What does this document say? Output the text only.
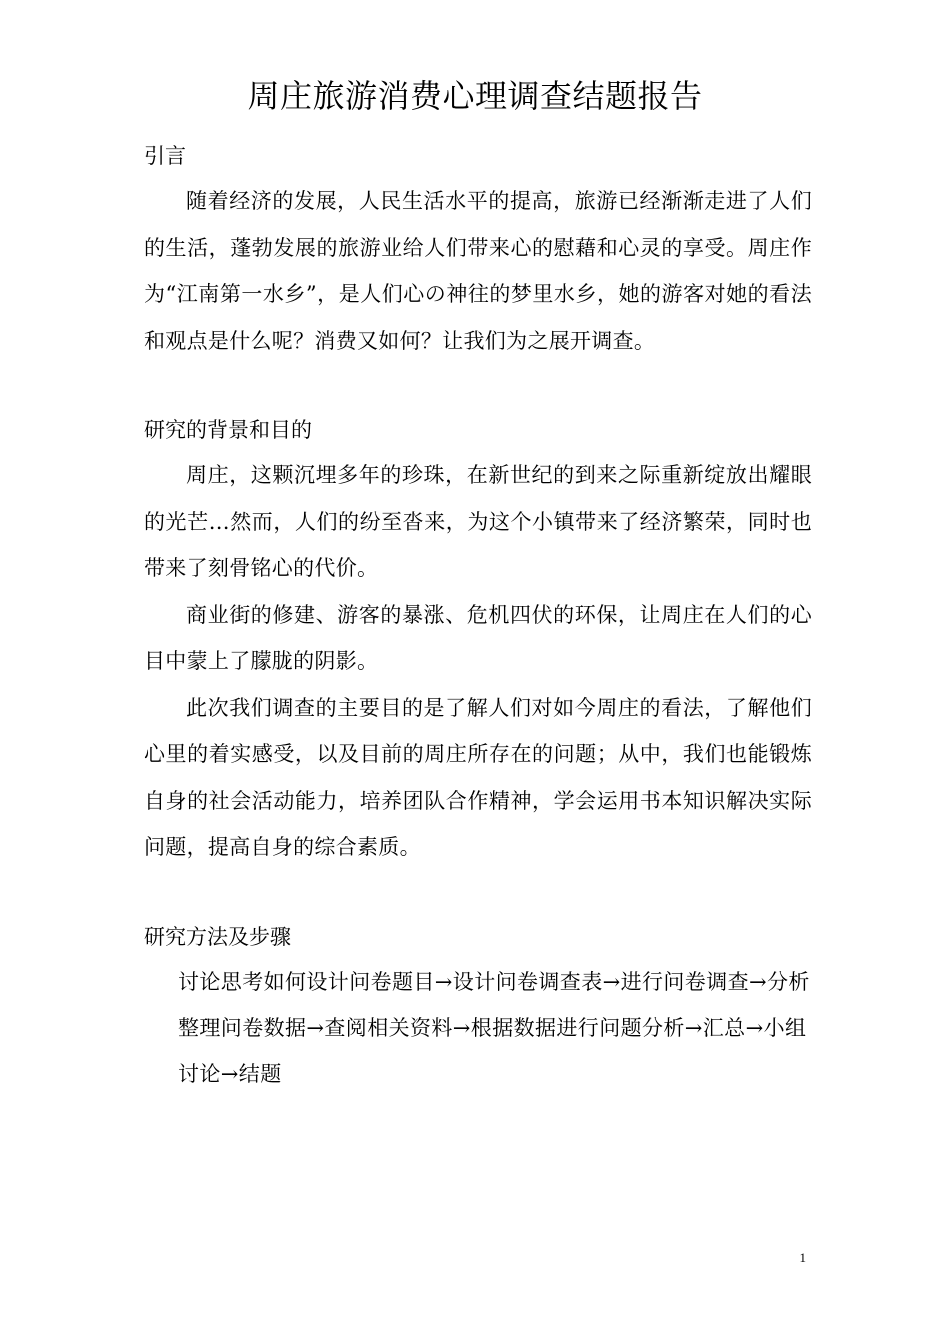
周庄旅游消费心理调查结题报告
引言

随着经济的发展，人民生活水平的提高，旅游已经渐渐走进了人们的生活，蓬勃发展的旅游业给人们带来心的慰藉和心灵的享受。周庄作为“江南第一水乡”，是人们心の神往的梦里水乡，她的游客对她的看法和观点是什么呢？消费又如何？让我们为之展开调查。

研究的背景和目的

周庄，这颗沉埋多年的珍珠，在新世纪的到来之际重新绽放出耀眼的光芒…然而，人们的纷至沓来，为这个小镇带来了经济繁荣，同时也带来了刻骨铭心的代价。

商业街的修建、游客的暴涨、危机四伏的环保，让周庄在人们的心目中蒙上了朦胧的阴影。

此次我们调查的主要目的是了解人们对如今周庄的看法，了解他们心里的着实感受，以及目前的周庄所存在的问题；从中，我们也能锻炼自身的社会活动能力，培养团队合作精神，学会运用书本知识解决实际问题，提高自身的综合素质。

研究方法及步骤

讨论思考如何设计问卷题目→设计问卷调查表→进行问卷调查→分析整理问卷数据→查阅相关资料→根据数据进行问题分析→汇总→小组讨论→结题

1
